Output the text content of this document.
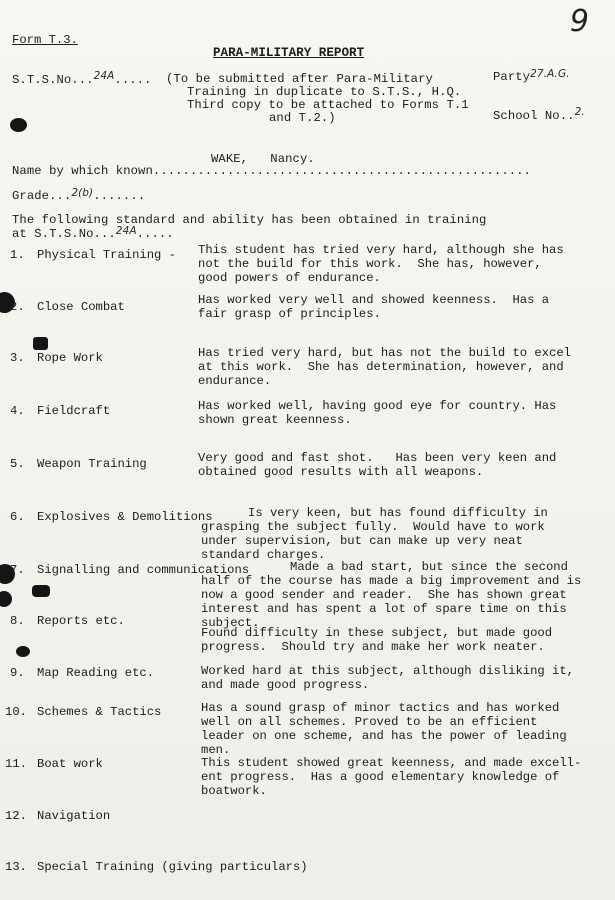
9
Form T.3.
PARA-MILITARY REPORT
S.T.S.No...24A..... (To be submitted after Para-Military
Training in duplicate to S.T.S., H.Q.
Third copy to be attached to Forms T.1
and T.2.)
Party27.A.G.
School No..2.
. . .  .  .
WAKE,   Nancy.
Name by which known...................................................
Grade...2(b).......
The following standard and ability has been obtained in training
at S.T.S.No...24A.....
1.	Physical Training - This student has tried very hard, although she has
not the build for this work.  She has, however,
good powers of endurance.
2.	Close Combat	Has worked very well and showed keenness.  Has a
fair grasp of principles.
3.	Rope Work	Has tried very hard, but has not the build to excel
at this work.  She has determination, however, and
endurance.
4.	Fieldcraft	Has worked well, having good eye for country. Has
shown great keenness.
5.	Weapon Training	Very good and fast shot.   Has been very keen and
obtained good results with all weapons.
6.	Explosives & Demolitions	Is very keen, but has found difficulty in
grasping the subject fully.  Would have to work
under supervision, but can make up very neat
standard charges.
7.	Signalling and communications	Made a bad start, but since the second
half of the course has made a big improvement and is
now a good sender and reader.  She has shown great
interest and has spent a lot of spare time on this
subject.
8.	Reports etc.
Found difficulty in these subject, but made good
progress.  Should try and make her work neater.
9.	Map Reading etc.	Worked hard at this subject, although disliking it,
and made good progress.
10. Schemes & Tactics	Has a sound grasp of minor tactics and has worked
well on all schemes. Proved to be an efficient
leader on one scheme, and has the power of leading
men.
11. Boat work	This student showed great keenness, and made excell-
ent progress.  Has a good elementary knowledge of
boatwork.
12. Navigation
13. Special Training (giving particulars)
